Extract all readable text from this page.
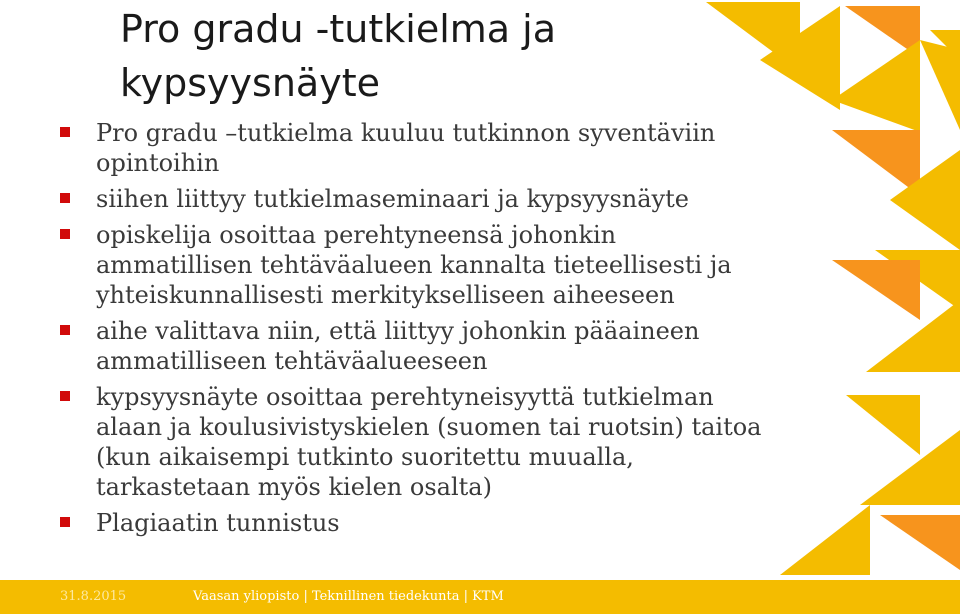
Pro gradu -tutkielma ja kypsyysnäyte
Pro gradu –tutkielma kuuluu tutkinnon syventäviin opintoihin
siihen liittyy tutkielmaseminaari ja kypsyysnäyte
opiskelija osoittaa perehtyneensä johonkin ammatillisen tehtäväalueen kannalta tieteellisesti ja yhteiskunnallisesti merkitykselliseen aiheeseen
aihe valittava niin, että liittyy johonkin pääaineen ammatilliseen tehtäväalueeseen
kypsyysnäyte osoittaa perehtyneisyyttä tutkielman alaan ja koulusivistyskielen (suomen tai ruotsin) taitoa (kun aikaisempi tutkinto suoritettu muualla, tarkastetaan myös kielen osalta)
Plagiaatin tunnistus
31.8.2015	Vaasan yliopisto | Teknillinen tiedekunta | KTM
